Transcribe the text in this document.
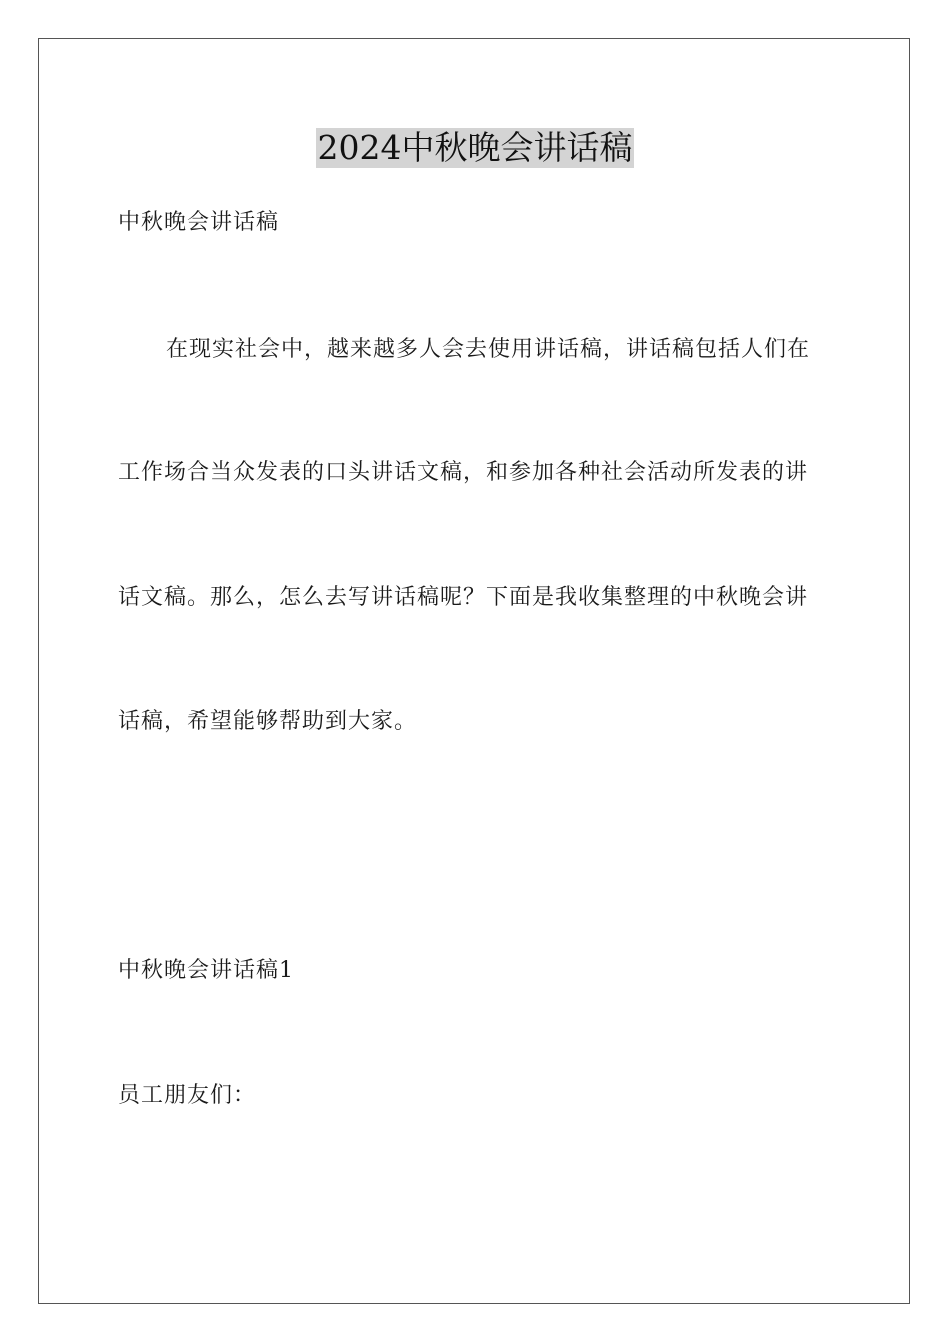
2024中秋晚会讲话稿
中秋晚会讲话稿
在现实社会中，越来越多人会去使用讲话稿，讲话稿包括人们在
工作场合当众发表的口头讲话文稿，和参加各种社会活动所发表的讲
话文稿。那么，怎么去写讲话稿呢？下面是我收集整理的中秋晚会讲
话稿，希望能够帮助到大家。
中秋晚会讲话稿1
员工朋友们：
